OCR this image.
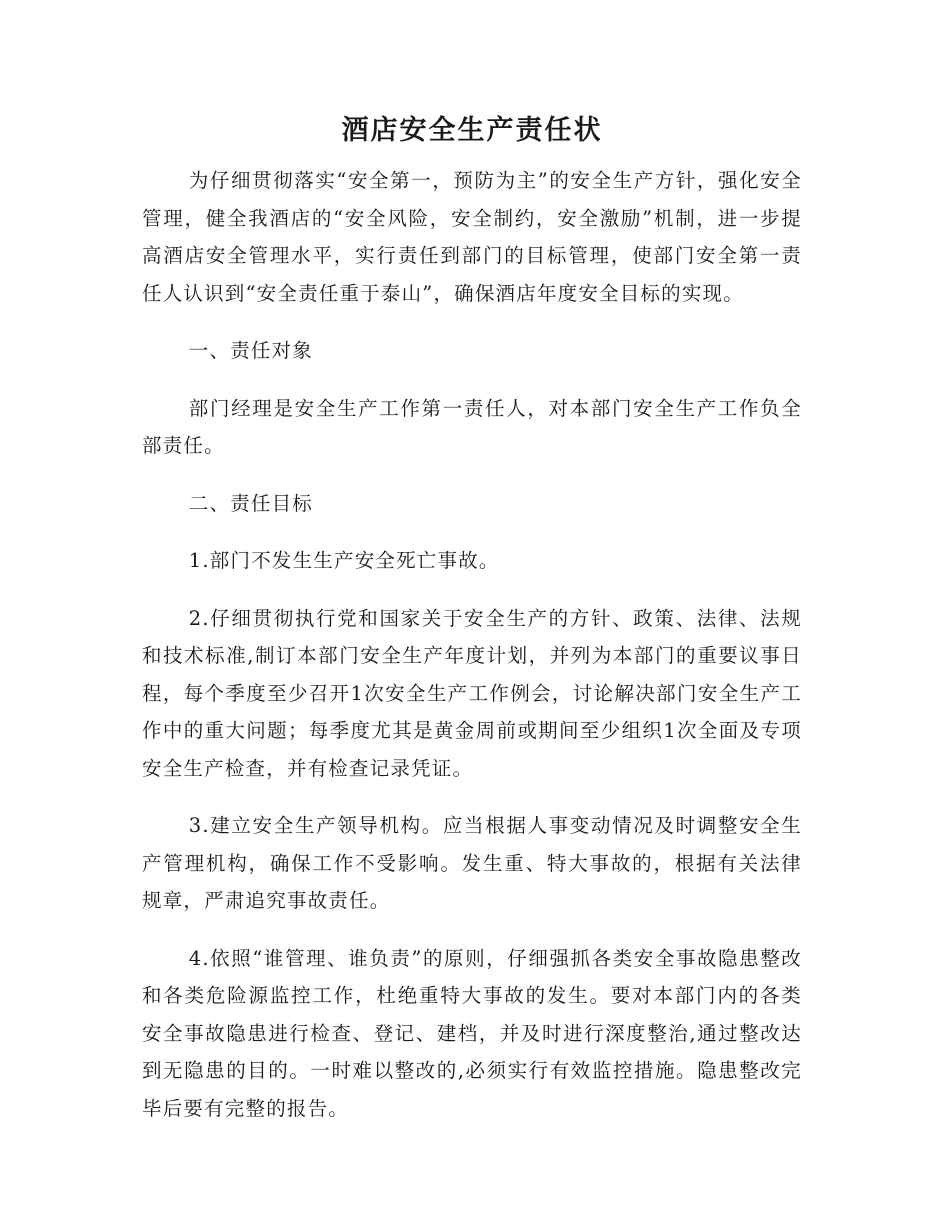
酒店安全生产责任状

为仔细贯彻落实“安全第一，预防为主”的安全生产方针，强化安全管理，健全我酒店的“安全风险，安全制约，安全激励”机制，进一步提高酒店安全管理水平，实行责任到部门的目标管理，使部门安全第一责任人认识到“安全责任重于泰山”，确保酒店年度安全目标的实现。

一、责任对象

部门经理是安全生产工作第一责任人，对本部门安全生产工作负全部责任。

二、责任目标

1.部门不发生生产安全死亡事故。

2.仔细贯彻执行党和国家关于安全生产的方针、政策、法律、法规和技术标准,制订本部门安全生产年度计划，并列为本部门的重要议事日程，每个季度至少召开1次安全生产工作例会，讨论解决部门安全生产工作中的重大问题；每季度尤其是黄金周前或期间至少组织1次全面及专项安全生产检查，并有检查记录凭证。

3.建立安全生产领导机构。应当根据人事变动情况及时调整安全生产管理机构，确保工作不受影响。发生重、特大事故的，根据有关法律规章，严肃追究事故责任。

4.依照“谁管理、谁负责”的原则，仔细强抓各类安全事故隐患整改和各类危险源监控工作，杜绝重特大事故的发生。要对本部门内的各类安全事故隐患进行检查、登记、建档，并及时进行深度整治,通过整改达到无隐患的目的。一时难以整改的,必须实行有效监控措施。隐患整改完毕后要有完整的报告。
